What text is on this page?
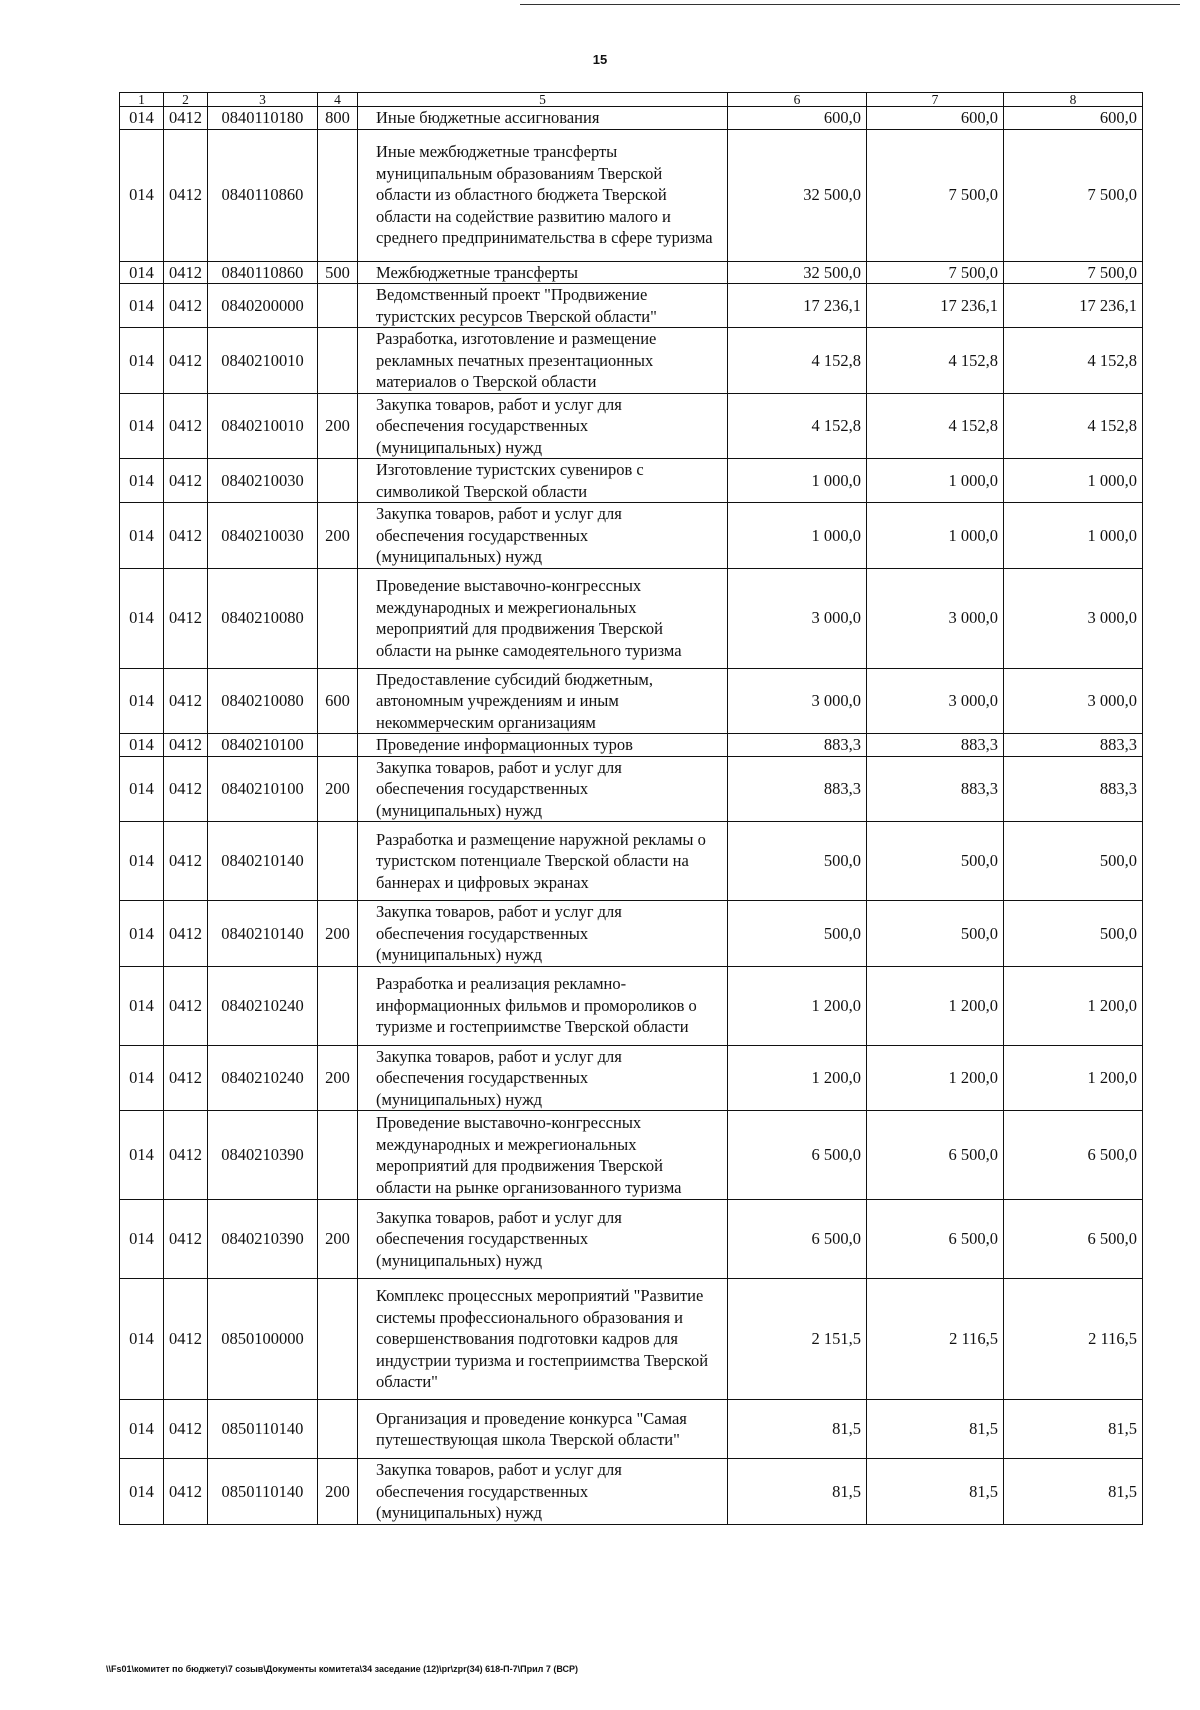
15
1	2	3	4	5	6	7	8
014	0412	0840110180	800	Иные бюджетные ассигнования	600,0	600,0	600,0
014	0412	0840110860		Иные межбюджетные трансферты
муниципальным образованиям Тверской
области из областного бюджета Тверской
области на содействие развитию малого и
среднего предпринимательства в сфере туризма	32 500,0	7 500,0	7 500,0
014	0412	0840110860	500	Межбюджетные трансферты	32 500,0	7 500,0	7 500,0
014	0412	0840200000		Ведомственный проект "Продвижение
туристских ресурсов Тверской области"	17 236,1	17 236,1	17 236,1
014	0412	0840210010		Разработка, изготовление и размещение
рекламных печатных презентационных
материалов о Тверской области	4 152,8	4 152,8	4 152,8
014	0412	0840210010	200	Закупка товаров, работ и услуг для
обеспечения государственных
(муниципальных) нужд	4 152,8	4 152,8	4 152,8
014	0412	0840210030		Изготовление туристских сувениров с
символикой Тверской области	1 000,0	1 000,0	1 000,0
014	0412	0840210030	200	Закупка товаров, работ и услуг для
обеспечения государственных
(муниципальных) нужд	1 000,0	1 000,0	1 000,0
014	0412	0840210080		Проведение выставочно-конгрессных
международных и межрегиональных
мероприятий для продвижения Тверской
области на рынке самодеятельного туризма	3 000,0	3 000,0	3 000,0
014	0412	0840210080	600	Предоставление субсидий бюджетным,
автономным учреждениям и иным
некоммерческим организациям	3 000,0	3 000,0	3 000,0
014	0412	0840210100		Проведение информационных туров	883,3	883,3	883,3
014	0412	0840210100	200	Закупка товаров, работ и услуг для
обеспечения государственных
(муниципальных) нужд	883,3	883,3	883,3
014	0412	0840210140		Разработка и размещение наружной рекламы о
туристском потенциале Тверской области на
баннерах и цифровых экранах	500,0	500,0	500,0
014	0412	0840210140	200	Закупка товаров, работ и услуг для
обеспечения государственных
(муниципальных) нужд	500,0	500,0	500,0
014	0412	0840210240		Разработка и реализация рекламно-
информационных фильмов и промороликов о
туризме и гостеприимстве Тверской области	1 200,0	1 200,0	1 200,0
014	0412	0840210240	200	Закупка товаров, работ и услуг для
обеспечения государственных
(муниципальных) нужд	1 200,0	1 200,0	1 200,0
014	0412	0840210390		Проведение выставочно-конгрессных
международных и межрегиональных
мероприятий для продвижения Тверской
области на рынке организованного туризма	6 500,0	6 500,0	6 500,0
014	0412	0840210390	200	Закупка товаров, работ и услуг для
обеспечения государственных
(муниципальных) нужд	6 500,0	6 500,0	6 500,0
014	0412	0850100000		Комплекс процессных мероприятий "Развитие
системы профессионального образования и
совершенствования подготовки кадров для
индустрии туризма и гостеприимства Тверской
области"	2 151,5	2 116,5	2 116,5
014	0412	0850110140		Организация и проведение конкурса "Самая
путешествующая школа Тверской области"	81,5	81,5	81,5
014	0412	0850110140	200	Закупка товаров, работ и услуг для
обеспечения государственных
(муниципальных) нужд	81,5	81,5	81,5
\\Fs01\комитет по бюджету\7 созыв\Документы комитета\34 заседание (12)\pr\zpr(34) 618-П-7\Прил 7 (ВСР)
